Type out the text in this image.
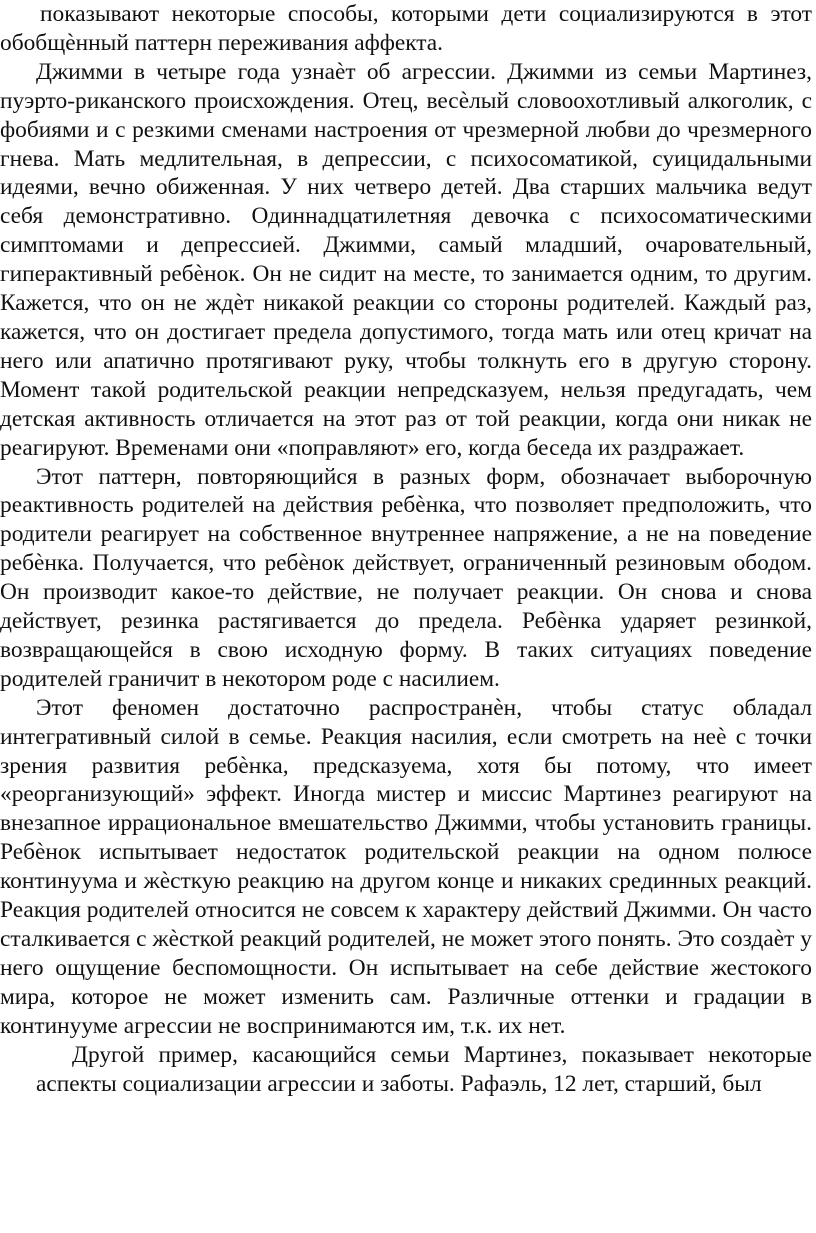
показывают некоторые способы, которыми дети социализируются в этот обобщѐнный паттерн переживания аффекта.

Джимми в четыре года узнаѐт об агрессии. Джимми из семьи Мартинез, пуэрто-риканского происхождения. Отец, весѐлый словоохотливый алкоголик, с фобиями и с резкими сменами настроения от чрезмерной любви до чрезмерного гнева. Мать медлительная, в депрессии, с психосоматикой, суицидальными идеями, вечно обиженная. У них четверо детей. Два старших мальчика ведут себя демонстративно. Одиннадцатилетняя девочка с психосоматическими симптомами и депрессией. Джимми, самый младший, очаровательный, гиперактивный ребѐнок. Он не сидит на месте, то занимается одним, то другим. Кажется, что он не ждѐт никакой реакции со стороны родителей. Каждый раз, кажется, что он достигает предела допустимого, тогда мать или отец кричат на него или апатично протягивают руку, чтобы толкнуть его в другую сторону. Момент такой родительской реакции непредсказуем, нельзя предугадать, чем детская активность отличается на этот раз от той реакции, когда они никак не реагируют. Временами они «поправляют» его, когда беседа их раздражает.

Этот паттерн, повторяющийся в разных форм, обозначает выборочную реактивность родителей на действия ребѐнка, что позволяет предположить, что родители реагирует на собственное внутреннее напряжение, а не на поведение ребѐнка. Получается, что ребѐнок действует, ограниченный резиновым ободом. Он производит какое-то действие, не получает реакции. Он снова и снова действует, резинка растягивается до предела. Ребѐнка ударяет резинкой, возвращающейся в свою исходную форму. В таких ситуациях поведение родителей граничит в некотором роде с насилием.

Этот феномен достаточно распространѐн, чтобы статус обладал интегративный силой в семье. Реакция насилия, если смотреть на неѐ с точки зрения развития ребѐнка, предсказуема, хотя бы потому, что имеет «реорганизующий» эффект. Иногда мистер и миссис Мартинез реагируют на внезапное иррациональное вмешательство Джимми, чтобы установить границы. Ребѐнок испытывает недостаток родительской реакции на одном полюсе континуума и жѐсткую реакцию на другом конце и никаких срединных реакций. Реакция родителей относится не совсем к характеру действий Джимми. Он часто сталкивается с жѐсткой реакций родителей, не может этого понять. Это создаѐт у него ощущение беспомощности. Он испытывает на себе действие жестокого мира, которое не может изменить сам. Различные оттенки и градации в континууме агрессии не воспринимаются им, т.к. их нет.

Другой пример, касающийся семьи Мартинез, показывает некоторые аспекты социализации агрессии и заботы. Рафаэль, 12 лет, старший, был
